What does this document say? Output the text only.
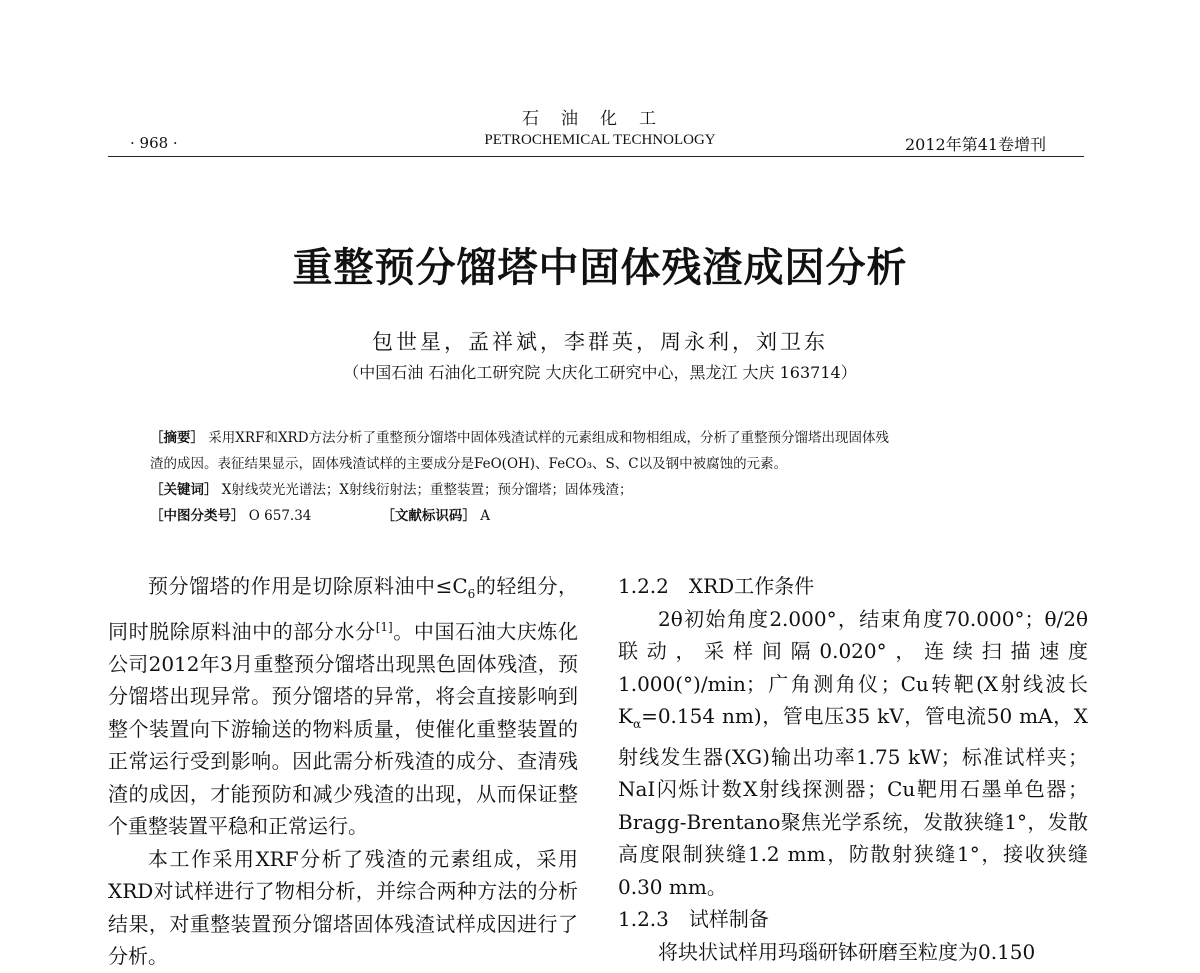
石油化工
· 968 ·	PETROCHEMICAL TECHNOLOGY	2012年第41卷增刊
重整预分馏塔中固体残渣成因分析
包世星，孟祥斌，李群英，周永利，刘卫东
（中国石油 石油化工研究院 大庆化工研究中心，黑龙江 大庆 163714）
［摘要］ 采用XRF和XRD方法分析了重整预分馏塔中固体残渣试样的元素组成和物相组成，分析了重整预分馏塔出现固体残
渣的成因。表征结果显示，固体残渣试样的主要成分是FeO(OH)、FeCO₃、S、C以及钢中被腐蚀的元素。
［关键词］ X射线荧光光谱法；X射线衍射法；重整装置；预分馏塔；固体残渣；
［中图分类号］ O 657.34	［文献标识码］ A

预分馏塔的作用是切除原料油中$\le C_6$的轻组分，同时脱除原料油中的部分水分[1]。中国石油大庆炼化公司2012年3月重整预分馏塔出现黑色固体残渣，预分馏塔出现异常。预分馏塔的异常，将会直接影响到整个装置向下游输送的物料质量，使催化重整装置的正常运行受到影响。因此需分析残渣的成分、查清残渣的成因，才能预防和减少残渣的出现，从而保证整个重整装置平稳和正常运行。

本工作采用XRF分析了残渣的元素组成，采用XRD对试样进行了物相分析，并综合两种方法的分析结果，对重整装置预分馏塔固体残渣试样成因进行了分析。

1.2.2　XRD工作条件

2θ初始角度2.000°，结束角度70.000°；θ/2θ联动，采样间隔0.020°，连续扫描速度1.000(°)/min；广角测角仪；Cu转靶(X射线波长$K_\alpha=0.154$ nm)，管电压35 kV，管电流50 mA，X射线发生器(XG)输出功率1.75 kW；标准试样夹；NaI闪烁计数X射线探测器；Cu靶用石墨单色器；Bragg-Brentano聚焦光学系统，发散狭缝1°，发散高度限制狭缝1.2 mm，防散射狭缝1°，接收狭缝0.30 mm。

1.2.3　试样制备

将块状试样用玛瑙研钵研磨至粒度为0.150
